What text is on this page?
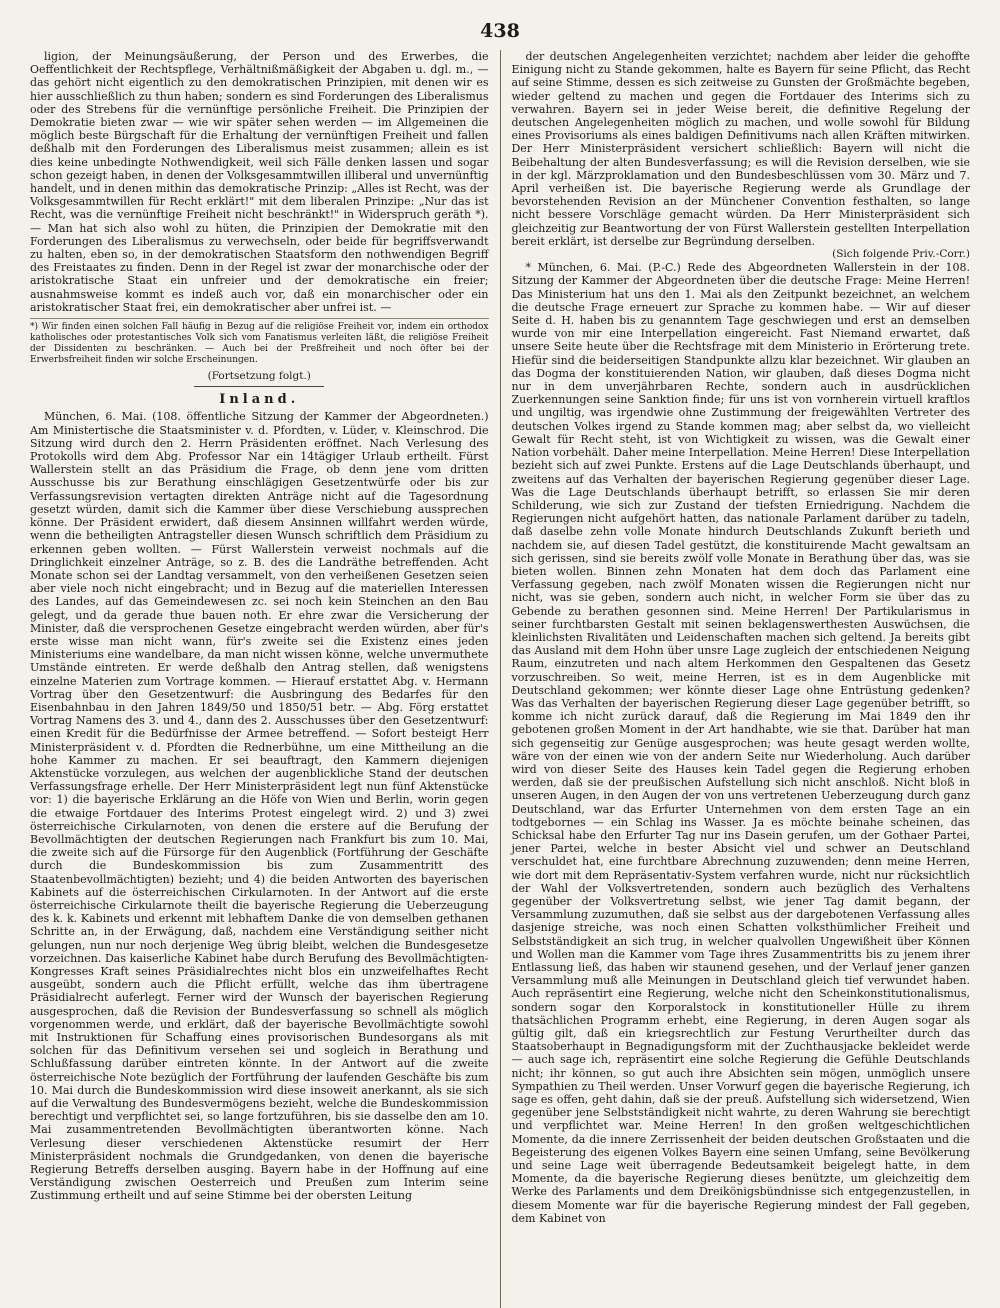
438

ligion, der Meinungsäußerung, der Person und des Erwerbes, die Oeffentlichkeit der Rechtspflege, Verhältnißmäßigkeit der Abgaben u. dgl. m., — das gehört nicht eigentlich zu den demokratischen Prinzipien, mit denen wir es hier ausschließlich zu thun haben; sondern es sind Forderungen des Liberalismus oder des Strebens für die vernünftige persönliche Freiheit. Die Prinzipien der Demokratie bieten zwar — wie wir später sehen werden — im Allgemeinen die möglich beste Bürgschaft für die Erhaltung der vernünftigen Freiheit und fallen deßhalb mit den Forderungen des Liberalismus meist zusammen; allein es ist dies keine unbedingte Nothwendigkeit, weil sich Fälle denken lassen und sogar schon gezeigt haben, in denen der Volksgesammtwillen illiberal und unvernünftig handelt, und in denen mithin das demokratische Prinzip: „Alles ist Recht, was der Volksgesammtwillen für Recht erklärt!" mit dem liberalen Prinzipe: „Nur das ist Recht, was die vernünftige Freiheit nicht beschränkt!" in Widerspruch geräth *). — Man hat sich also wohl zu hüten, die Prinzipien der Demokratie mit den Forderungen des Liberalismus zu verwechseln, oder beide für begriffsverwandt zu halten, eben so, in der demokratischen Staatsform den nothwendigen Begriff des Freistaates zu finden. Denn in der Regel ist zwar der monarchische oder der aristokratische Staat ein unfreier und der demokratische ein freier; ausnahmsweise kommt es indeß auch vor, daß ein monarchischer oder ein aristokratischer Staat frei, ein demokratischer aber unfrei ist. —

*) Wir finden einen solchen Fall häufig in Bezug auf die religiöse Freiheit vor, indem ein orthodox katholisches oder protestantisches Volk sich vom Fanatismus verleiten läßt, die religiöse Freiheit der Dissidenten zu beschränken. — Auch bei der Preßfreiheit und noch öfter bei der Erwerbsfreiheit finden wir solche Erscheinungen.
(Fortsetzung folgt.)
Inland.

München, 6. Mai. (108. öffentliche Sitzung der Kammer der Abgeordneten.) Am Ministertische die Staatsminister v. d. Pfordten, v. Lüder, v. Kleinschrod. Die Sitzung wird durch den 2. Herrn Präsidenten eröffnet. Nach Verlesung des Protokolls wird dem Abg. Professor Nar ein 14tägiger Urlaub ertheilt. Fürst Wallerstein stellt an das Präsidium die Frage, ob denn jene vom dritten Ausschusse bis zur Berathung einschlägigen Gesetzentwürfe oder bis zur Verfassungsrevision vertagten direkten Anträge nicht auf die Tagesordnung gesetzt würden, damit sich die Kammer über diese Verschiebung aussprechen könne. Der Präsident erwidert, daß diesem Ansinnen willfahrt werden würde, wenn die betheiligten Antragsteller diesen Wunsch schriftlich dem Präsidium zu erkennen geben wollten. — Fürst Wallerstein verweist nochmals auf die Dringlichkeit einzelner Anträge, so z. B. des die Landräthe betreffenden. Acht Monate schon sei der Landtag versammelt, von den verheißenen Gesetzen seien aber viele noch nicht eingebracht; und in Bezug auf die materiellen Interessen des Landes, auf das Gemeindewesen zc. sei noch kein Steinchen an den Bau gelegt, und da gerade thue bauen noth. Er ehre zwar die Versicherung der Minister, daß die versprochenen Gesetze eingebracht werden würden, aber für's erste wisse man nicht wann, für's zweite sei die Existenz eines jeden Ministeriums eine wandelbare, da man nicht wissen könne, welche unvermuthete Umstände eintreten. Er werde deßhalb den Antrag stellen, daß wenigstens einzelne Materien zum Vortrage kommen. — Hierauf erstattet Abg. v. Hermann Vortrag über den Gesetzentwurf: die Ausbringung des Bedarfes für den Eisenbahnbau in den Jahren 1849/50 und 1850/51 betr. — Abg. Förg erstattet Vortrag Namens des 3. und 4., dann des 2. Ausschusses über den Gesetzentwurf: einen Kredit für die Bedürfnisse der Armee betreffend. — Sofort besteigt Herr Ministerpräsident v. d. Pfordten die Rednerbühne, um eine Mittheilung an die hohe Kammer zu machen. Er sei beauftragt, den Kammern diejenigen Aktenstücke vorzulegen, aus welchen der augenblickliche Stand der deutschen Verfassungsfrage erhelle. Der Herr Ministerpräsident legt nun fünf Aktenstücke vor: 1) die bayerische Erklärung an die Höfe von Wien und Berlin, worin gegen die etwaige Fortdauer des Interims Protest eingelegt wird. 2) und 3) zwei österreichische Cirkularnoten, von denen die erstere auf die Berufung der Bevollmächtigten der deutschen Regierungen nach Frankfurt bis zum 10. Mai, die zweite sich auf die Fürsorge für den Augenblick (Fortführung der Geschäfte durch die Bundeskommission bis zum Zusammentritt des Staatenbevollmächtigten) bezieht; und 4) die beiden Antworten des bayerischen Kabinets auf die österreichischen Cirkularnoten. In der Antwort auf die erste österreichische Cirkularnote theilt die bayerische Regierung die Ueberzeugung des k. k. Kabinets und erkennt mit lebhaftem Danke die von demselben gethanen Schritte an, in der Erwägung, daß, nachdem eine Verständigung seither nicht gelungen, nun nur noch derjenige Weg übrig bleibt, welchen die Bundesgesetze vorzeichnen. Das kaiserliche Kabinet habe durch Berufung des Bevollmächtigten-Kongresses Kraft seines Präsidialrechtes nicht blos ein unzweifelhaftes Recht ausgeübt, sondern auch die Pflicht erfüllt, welche das ihm übertragene Präsidialrecht auferlegt. Ferner wird der Wunsch der bayerischen Regierung ausgesprochen, daß die Revision der Bundesverfassung so schnell als möglich vorgenommen werde, und erklärt, daß der bayerische Bevollmächtigte sowohl mit Instruktionen für Schaffung eines provisorischen Bundesorgans als mit solchen für das Definitivum versehen sei und sogleich in Berathung und Schlußfassung darüber eintreten könnte. In der Antwort auf die zweite österreichische Note bezüglich der Fortführung der laufenden Geschäfte bis zum 10. Mai durch die Bundeskommission wird diese insoweit anerkannt, als sie sich auf die Verwaltung des Bundesvermögens bezieht, welche die Bundeskommission berechtigt und verpflichtet sei, so lange fortzuführen, bis sie dasselbe den am 10. Mai zusammentretenden Bevollmächtigten überantworten könne. Nach Verlesung dieser verschiedenen Aktenstücke resumirt der Herr Ministerpräsident nochmals die Grundgedanken, von denen die bayerische Regierung Betreffs derselben ausging. Bayern habe in der Hoffnung auf eine Verständigung zwischen Oesterreich und Preußen zum Interim seine Zustimmung ertheilt und auf seine Stimme bei der obersten Leitung

der deutschen Angelegenheiten verzichtet; nachdem aber leider die gehoffte Einigung nicht zu Stande gekommen, halte es Bayern für seine Pflicht, das Recht auf seine Stimme, dessen es sich zeitweise zu Gunsten der Großmächte begeben, wieder geltend zu machen und gegen die Fortdauer des Interims sich zu verwahren. Bayern sei in jeder Weise bereit, die definitive Regelung der deutschen Angelegenheiten möglich zu machen, und wolle sowohl für Bildung eines Provisoriums als eines baldigen Definitivums nach allen Kräften mitwirken. Der Herr Ministerpräsident versichert schließlich: Bayern will nicht die Beibehaltung der alten Bundesverfassung; es will die Revision derselben, wie sie in der kgl. Märzproklamation und den Bundesbeschlüssen vom 30. März und 7. April verheißen ist. Die bayerische Regierung werde als Grundlage der bevorstehenden Revision an der Münchener Convention festhalten, so lange nicht bessere Vorschläge gemacht würden. Da Herr Ministerpräsident sich gleichzeitig zur Beantwortung der von Fürst Wallerstein gestellten Interpellation bereit erklärt, ist derselbe zur Begründung derselben.

(Sich folgende Priv.-Corr.)

* München, 6. Mai. (P.-C.) Rede des Abgeordneten Wallerstein in der 108. Sitzung der Kammer der Abgeordneten über die deutsche Frage: Meine Herren! Das Ministerium hat uns den 1. Mai als den Zeitpunkt bezeichnet, an welchem die deutsche Frage erneuert zur Sprache zu kommen habe. — Wir auf dieser Seite d. H. haben bis zu genanntem Tage geschwiegen und erst an demselben wurde von mir eine Interpellation eingereicht. Fast Niemand erwartet, daß unsere Seite heute über die Rechtsfrage mit dem Ministerio in Erörterung trete. Hiefür sind die beiderseitigen Standpunkte allzu klar bezeichnet. Wir glauben an das Dogma der konstituierenden Nation, wir glauben, daß dieses Dogma nicht nur in dem unverjährbaren Rechte, sondern auch in ausdrücklichen Zuerkennungen seine Sanktion finde; für uns ist von vornherein virtuell kraftlos und ungiltig, was irgendwie ohne Zustimmung der freigewählten Vertreter des deutschen Volkes irgend zu Stande kommen mag; aber selbst da, wo vielleicht Gewalt für Recht steht, ist von Wichtigkeit zu wissen, was die Gewalt einer Nation vorbehält. Daher meine Interpellation. Meine Herren! Diese Interpellation bezieht sich auf zwei Punkte. Erstens auf die Lage Deutschlands überhaupt, und zweitens auf das Verhalten der bayerischen Regierung gegenüber dieser Lage. Was die Lage Deutschlands überhaupt betrifft, so erlassen Sie mir deren Schilderung, wie sich zur Zustand der tiefsten Erniedrigung. Nachdem die Regierungen nicht aufgehört hatten, das nationale Parlament darüber zu tadeln, daß daselbe zehn volle Monate hindurch Deutschlands Zukunft berieth und nachdem sie, auf diesen Tadel gestützt, die konstituirende Macht gewaltsam an sich gerissen, sind sie bereits zwölf volle Monate in Berathung über das, was sie bieten wollen. Binnen zehn Monaten hat dem doch das Parlament eine Verfassung gegeben, nach zwölf Monaten wissen die Regierungen nicht nur nicht, was sie geben, sondern auch nicht, in welcher Form sie über das zu Gebende zu berathen gesonnen sind. Meine Herren! Der Partikularismus in seiner furchtbarsten Gestalt mit seinen beklagenswerthesten Auswüchsen, die kleinlichsten Rivalitäten und Leidenschaften machen sich geltend. Ja bereits gibt das Ausland mit dem Hohn über unsre Lage zugleich der entschiedenen Neigung Raum, einzutreten und nach altem Herkommen den Gespaltenen das Gesetz vorzuschreiben. So weit, meine Herren, ist es in dem Augenblicke mit Deutschland gekommen; wer könnte dieser Lage ohne Entrüstung gedenken? Was das Verhalten der bayerischen Regierung dieser Lage gegenüber betrifft, so komme ich nicht zurück darauf, daß die Regierung im Mai 1849 den ihr gebotenen großen Moment in der Art handhabte, wie sie that. Darüber hat man sich gegenseitig zur Genüge ausgesprochen; was heute gesagt werden wollte, wäre von der einen wie von der andern Seite nur Wiederholung. Auch darüber wird von dieser Seite des Hauses kein Tadel gegen die Regierung erhoben werden, daß sie der preußischen Aufstellung sich nicht anschloß. Nicht bloß in unseren Augen, in den Augen der von uns vertretenen Ueberzeugung durch ganz Deutschland, war das Erfurter Unternehmen von dem ersten Tage an ein todtgebornes — ein Schlag ins Wasser. Ja es möchte beinahe scheinen, das Schicksal habe den Erfurter Tag nur ins Dasein gerufen, um der Gothaer Partei, jener Partei, welche in bester Absicht viel und schwer an Deutschland verschuldet hat, eine furchtbare Abrechnung zuzuwenden; denn meine Herren, wie dort mit dem Repräsentativ-System verfahren wurde, nicht nur rücksichtlich der Wahl der Volksvertretenden, sondern auch bezüglich des Verhaltens gegenüber der Volksvertretung selbst, wie jener Tag damit begann, der Versammlung zuzumuthen, daß sie selbst aus der dargebotenen Verfassung alles dasjenige streiche, was noch einen Schatten volksthümlicher Freiheit und Selbstständigkeit an sich trug, in welcher qualvollen Ungewißheit über Können und Wollen man die Kammer vom Tage ihres Zusammentritts bis zu jenem ihrer Entlassung ließ, das haben wir staunend gesehen, und der Verlauf jener ganzen Versammlung muß alle Meinungen in Deutschland gleich tief verwundet haben. Auch repräsentirt eine Regierung, welche nicht den Scheinkonstitutionalismus, sondern sogar den Korporalstock in konstitutioneller Hülle zu ihrem thatsächlichen Programm erhebt, eine Regierung, in deren Augen sogar als gültig gilt, daß ein kriegsrechtlich zur Festung Verurtheilter durch das Staatsoberhaupt in Begnadigungsform mit der Zuchthausjacke bekleidet werde — auch sage ich, repräsentirt eine solche Regierung die Gefühle Deutschlands nicht; ihr können, so gut auch ihre Absichten sein mögen, unmöglich unsere Sympathien zu Theil werden. Unser Vorwurf gegen die bayerische Regierung, ich sage es offen, geht dahin, daß sie der preuß. Aufstellung sich widersetzend, Wien gegenüber jene Selbstständigkeit nicht wahrte, zu deren Wahrung sie berechtigt und verpflichtet war. Meine Herren! In den großen weltgeschichtlichen Momente, da die innere Zerrissenheit der beiden deutschen Großstaaten und die Begeisterung des eigenen Volkes Bayern eine seinen Umfang, seine Bevölkerung und seine Lage weit überragende Bedeutsamkeit beigelegt hatte, in dem Momente, da die bayerische Regierung dieses benützte, um gleichzeitig dem Werke des Parlaments und dem Dreikönigsbündnisse sich entgegenzustellen, in diesem Momente war für die bayerische Regierung mindest der Fall gegeben, dem Kabinet von
